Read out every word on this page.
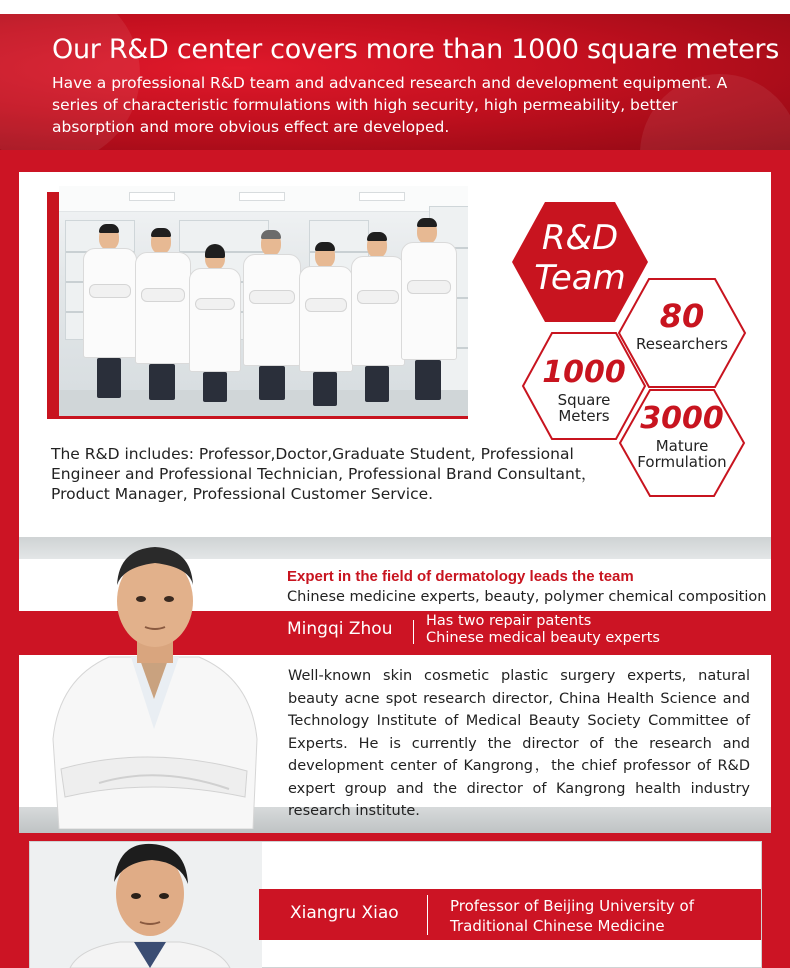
Our R&D center covers more than 1000 square meters

Have a professional R&D team and advanced research and development equipment. A series of characteristic formulations with high security, high permeability, better absorption and more obvious effect are developed.

R&D
Team
80
Researchers
1000
Square
Meters	3000
Mature
Formulation
The R&D includes: Professor,Doctor,Graduate Student, Professional Engineer and Professional Technician, Professional Brand Consultant，Product Manager, Professional Customer Service.
Expert in the field of dermatology leads the team
Chinese medicine experts, beauty, polymer chemical composition
Mingqi Zhou Has two repair patents
Chinese medical beauty experts
Well-known skin cosmetic plastic surgery experts, natural beauty acne spot research director, China Health Science and Technology Institute of Medical Beauty Society Committee of Experts. He is currently the director of the research and development center of Kangrong，the chief professor of R&D expert group and the director of Kangrong health industry research institute.
Xiangru Xiao	Professor of Beijing University of
Traditional Chinese Medicine
